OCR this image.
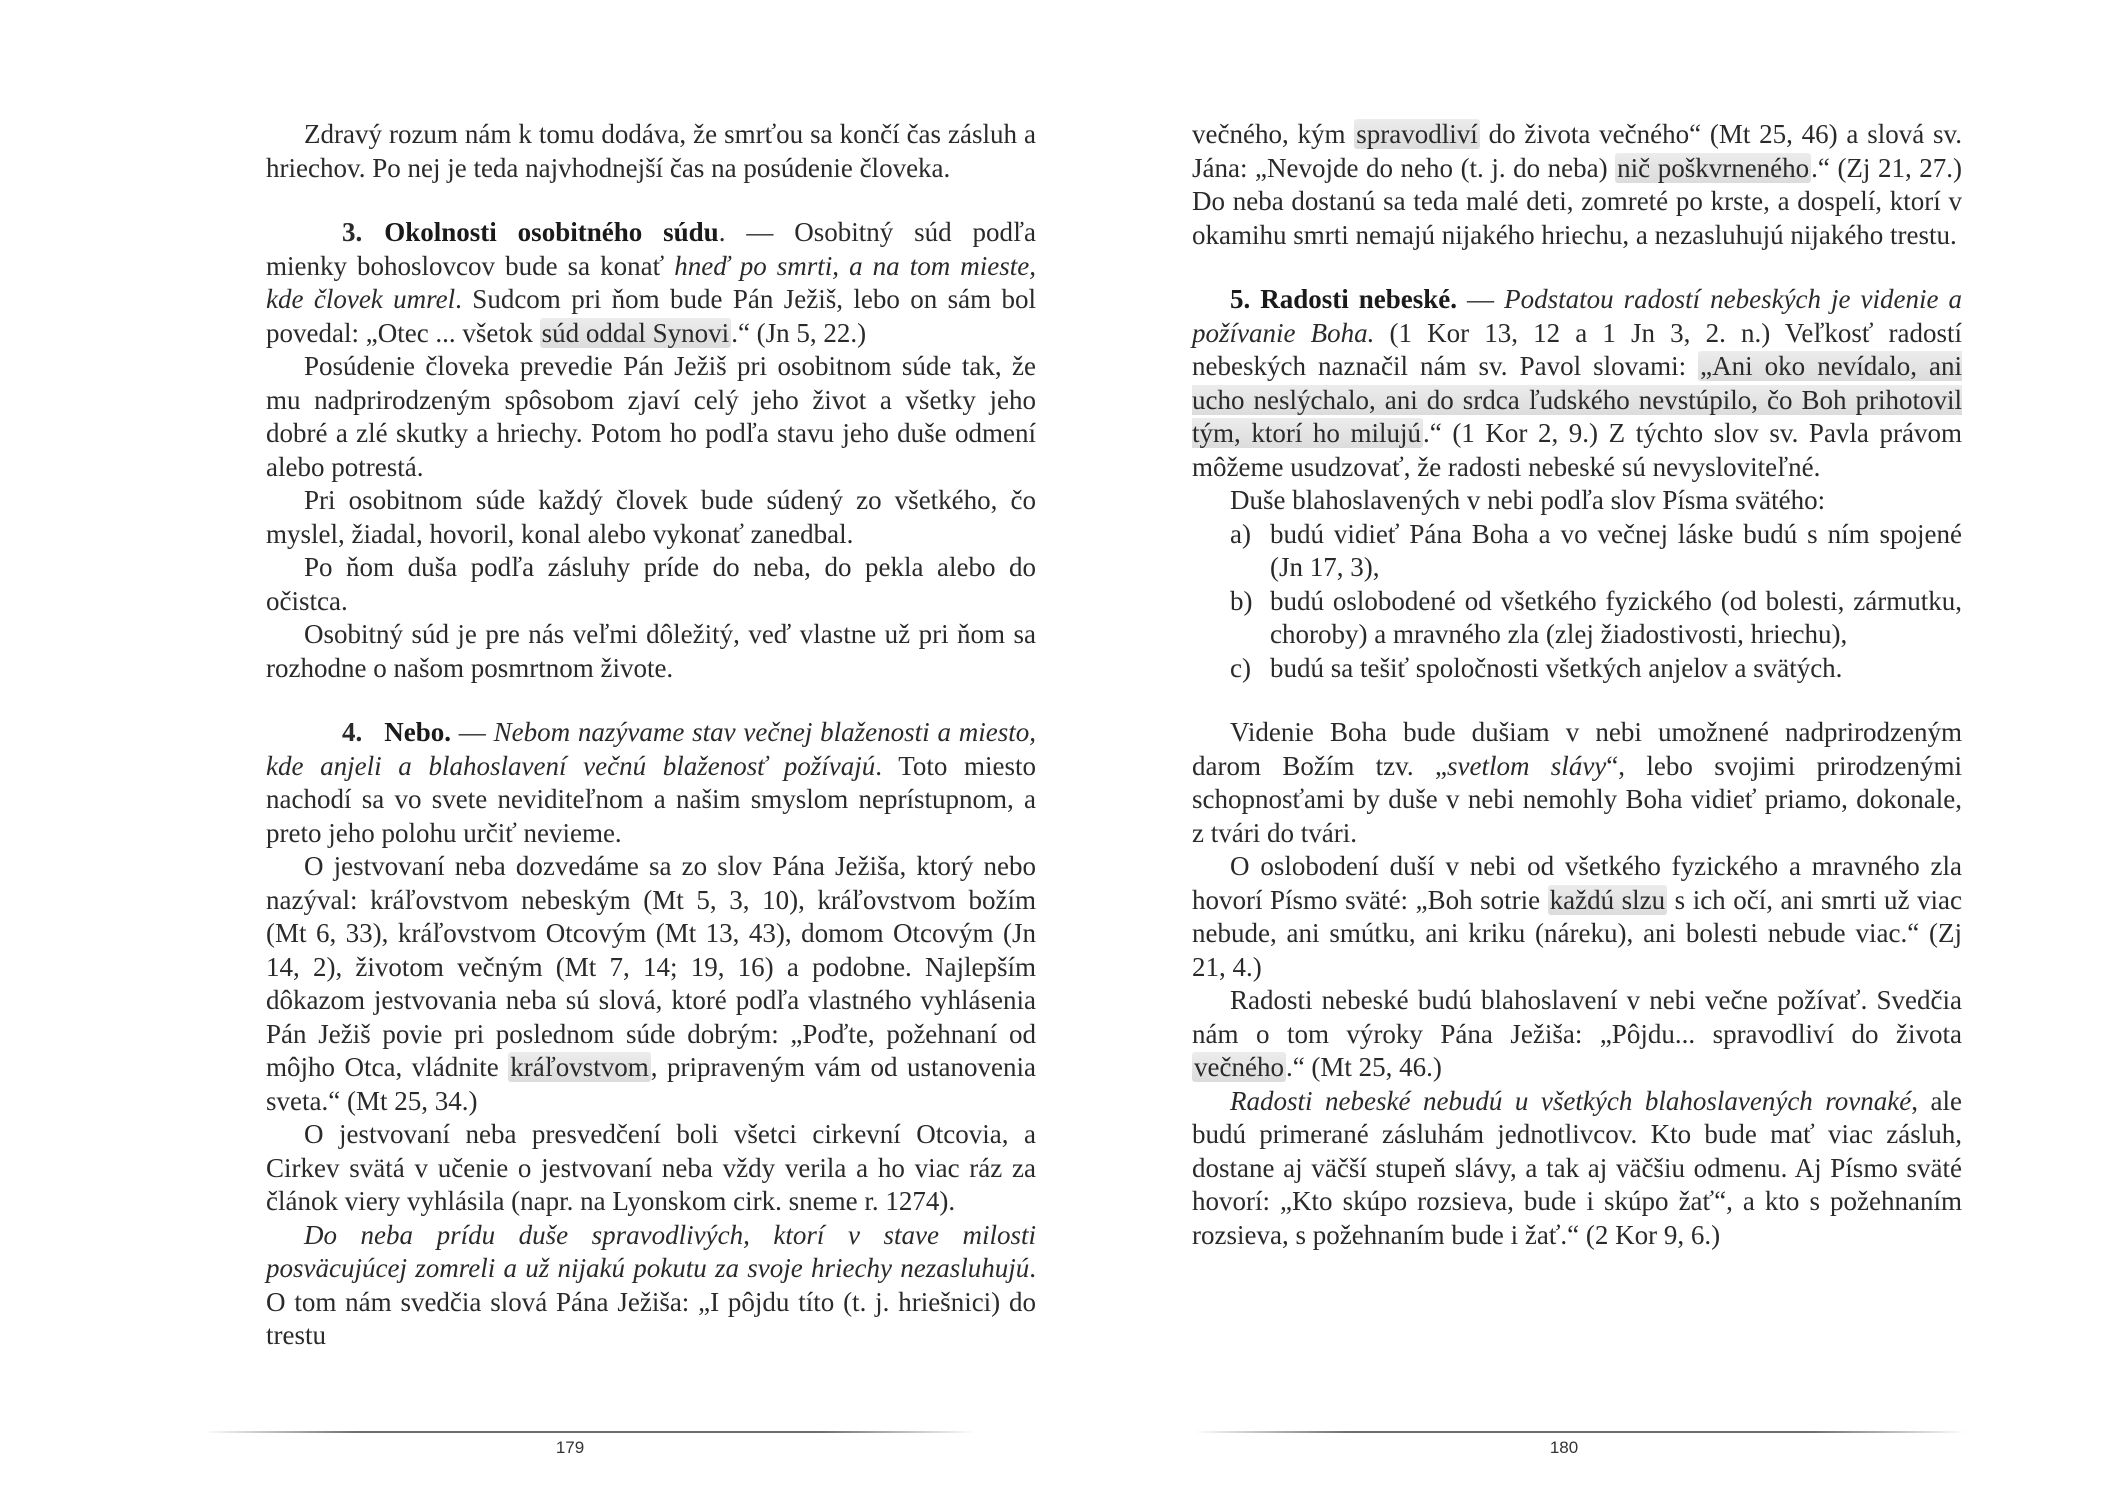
Zdravý rozum nám k tomu dodáva, že smrťou sa končí čas zásluh a hriechov. Po nej je teda najvhodnejší čas na posúdenie človeka.

3. Okolnosti osobitného súdu. — Osobitný súd podľa mienky bohoslovcov bude sa konať hneď po smrti, a na tom mieste, kde človek umrel. Sudcom pri ňom bude Pán Ježiš, lebo on sám bol povedal: „Otec ... všetok súd oddal Synovi.“ (Jn 5, 22.)

Posúdenie človeka prevedie Pán Ježiš pri osobitnom súde tak, že mu nadprirodzeným spôsobom zjaví celý jeho život a všetky jeho dobré a zlé skutky a hriechy. Potom ho podľa stavu jeho duše odmení alebo potrestá.

Pri osobitnom súde každý človek bude súdený zo všetkého, čo myslel, žiadal, hovoril, konal alebo vykonať zanedbal.

Po ňom duša podľa zásluhy príde do neba, do pekla alebo do očistca.

Osobitný súd je pre nás veľmi dôležitý, veď vlastne už pri ňom sa rozhodne o našom posmrtnom živote.

4. Nebo. — Nebom nazývame stav večnej blaženosti a miesto, kde anjeli a blahoslavení večnú blaženosť požívajú. Toto miesto nachodí sa vo svete neviditeľnom a našim smyslom neprístupnom, a preto jeho polohu určiť nevieme.

O jestvovaní neba dozvedáme sa zo slov Pána Ježiša, ktorý nebo nazýval: kráľovstvom nebeským (Mt 5, 3, 10), kráľovstvom božím (Mt 6, 33), kráľovstvom Otcovým (Mt 13, 43), domom Otcovým (Jn 14, 2), životom večným (Mt 7, 14; 19, 16) a podobne. Najlepším dôkazom jestvovania neba sú slová, ktoré podľa vlastného vyhlásenia Pán Ježiš povie pri poslednom súde dobrým: „Poďte, požehnaní od môjho Otca, vládnite kráľovstvom, pripraveným vám od ustanovenia sveta.“ (Mt 25, 34.)

O jestvovaní neba presvedčení boli všetci cirkevní Otcovia, a Cirkev svätá v učenie o jestvovaní neba vždy verila a ho viac ráz za článok viery vyhlásila (napr. na Lyonskom cirk. sneme r. 1274).

Do neba prídu duše spravodlivých, ktorí v stave milosti posväcujúcej zomreli a už nijakú pokutu za svoje hriechy nezasluhujú. O tom nám svedčia slová Pána Ježiša: „I pôjdu títo (t. j. hriešnici) do trestu

večného, kým spravodliví do života večného“ (Mt 25, 46) a slová sv. Jána: „Nevojde do neho (t. j. do neba) nič poškvrneného.“ (Zj 21, 27.) Do neba dostanú sa teda malé deti, zomreté po krste, a dospelí, ktorí v okamihu smrti nemajú nijakého hriechu, a nezasluhujú nijakého trestu.

5. Radosti nebeské. — Podstatou radostí nebeských je videnie a požívanie Boha. (1 Kor 13, 12 a 1 Jn 3, 2. n.) Veľkosť radostí nebeských naznačil nám sv. Pavol slovami: „Ani oko nevídalo, ani ucho neslýchalo, ani do srdca ľudského nevstúpilo, čo Boh prihotovil tým, ktorí ho milujú.“ (1 Kor 2, 9.) Z týchto slov sv. Pavla právom môžeme usudzovať, že radosti nebeské sú nevysloviteľné.

Duše blahoslavených v nebi podľa slov Písma svätého:

a) budú vidieť Pána Boha a vo večnej láske budú s ním spojené (Jn 17, 3),
b) budú oslobodené od všetkého fyzického (od bolesti, zármutku, choroby) a mravného zla (zlej žiadostivosti, hriechu),
c) budú sa tešiť spoločnosti všetkých anjelov a svätých.

Videnie Boha bude dušiam v nebi umožnené nadprirodzeným darom Božím tzv. „svetlom slávy“, lebo svojimi prirodzenými schopnosťami by duše v nebi nemohly Boha vidieť priamo, dokonale, z tvári do tvári.

O oslobodení duší v nebi od všetkého fyzického a mravného zla hovorí Písmo sväté: „Boh sotrie každú slzu s ich očí, ani smrti už viac nebude, ani smútku, ani kriku (náreku), ani bolesti nebude viac.“ (Zj 21, 4.)

Radosti nebeské budú blahoslavení v nebi večne požívať. Svedčia nám o tom výroky Pána Ježiša: „Pôjdu... spravodliví do života večného.“ (Mt 25, 46.)

Radosti nebeské nebudú u všetkých blahoslavených rovnaké, ale budú primerané zásluhám jednotlivcov. Kto bude mať viac zásluh, dostane aj väčší stupeň slávy, a tak aj väčšiu odmenu. Aj Písmo sväté hovorí: „Kto skúpo rozsieva, bude i skúpo žať“, a kto s požehnaním rozsieva, s požehnaním bude i žať.“ (2 Kor 9, 6.)

179	180
